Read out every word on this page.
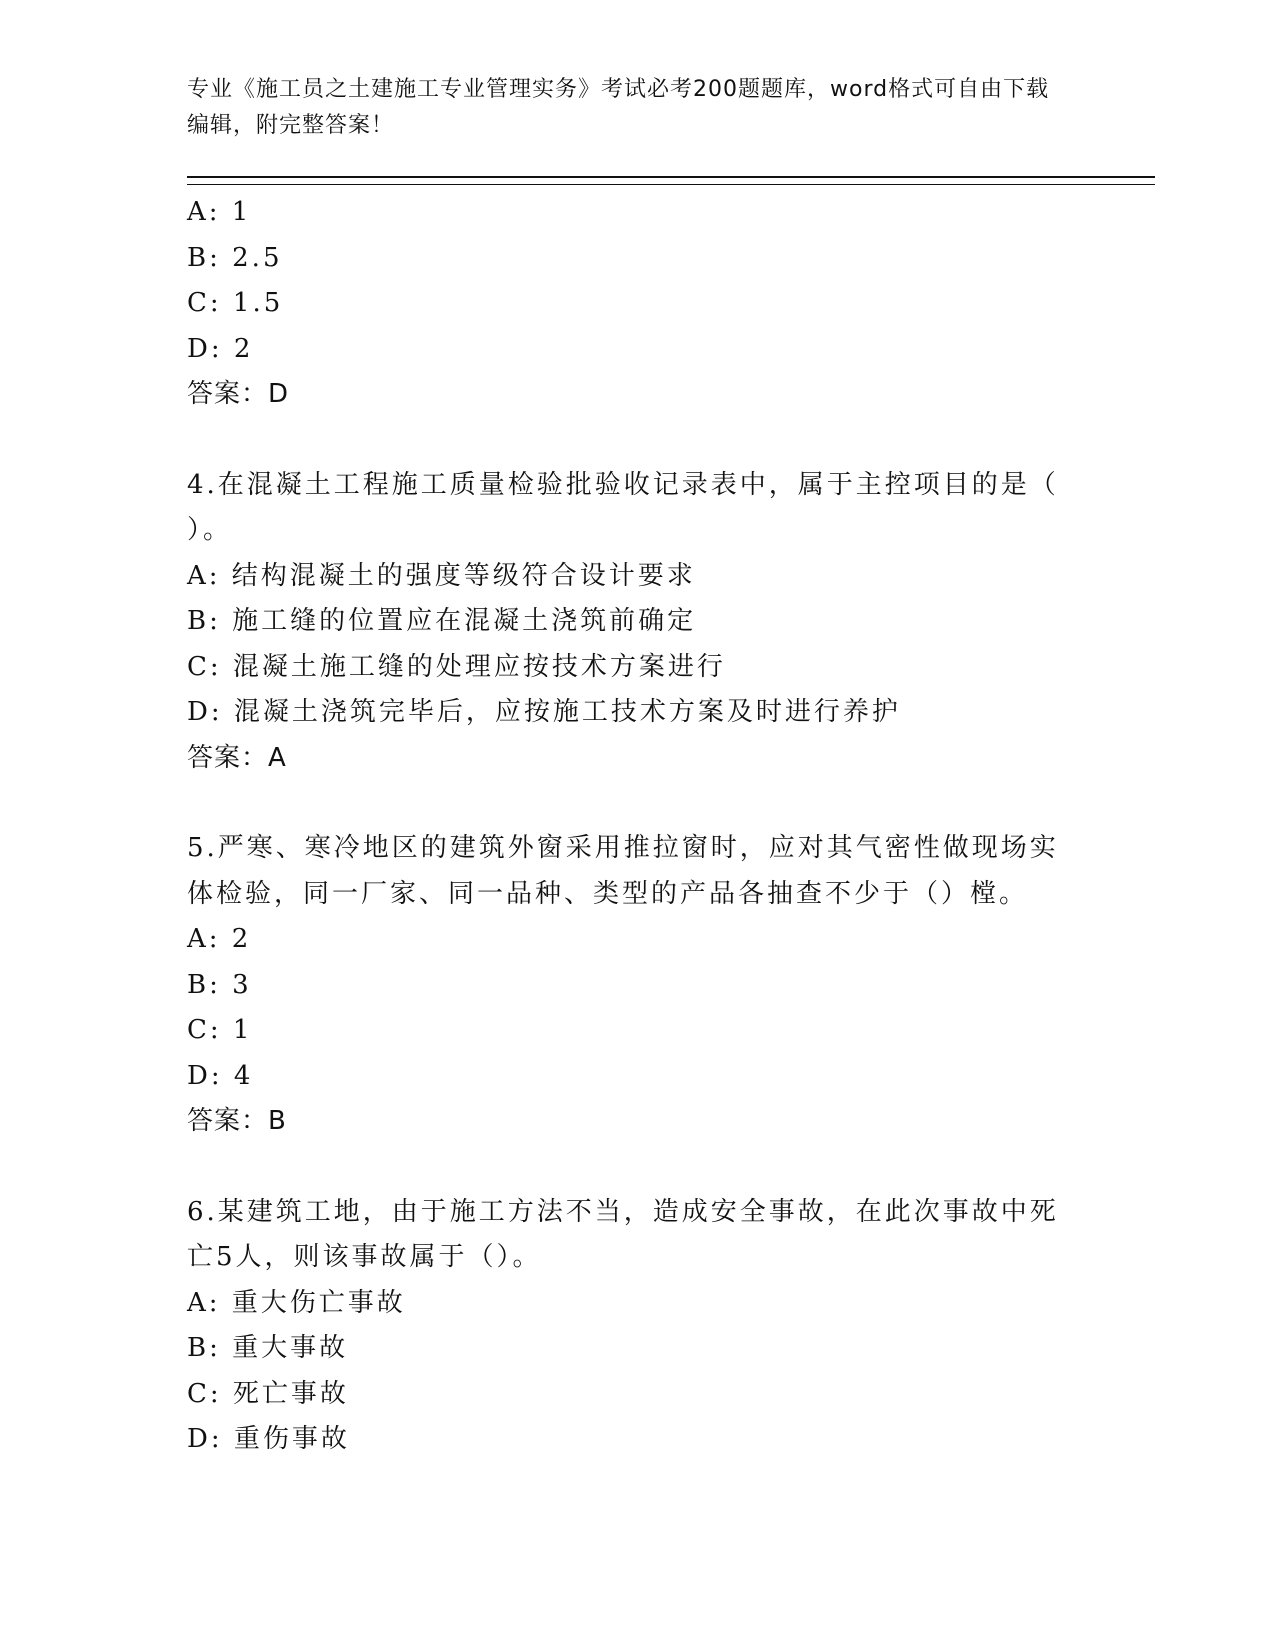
专业《施工员之土建施工专业管理实务》考试必考200题题库，word格式可自由下载编辑，附完整答案！
A: 1
B: 2.5
C: 1.5
D: 2
答案：D
4.在混凝土工程施工质量检验批验收记录表中，属于主控项目的是（ ）。
A: 结构混凝土的强度等级符合设计要求
B: 施工缝的位置应在混凝土浇筑前确定
C: 混凝土施工缝的处理应按技术方案进行
D: 混凝土浇筑完毕后，应按施工技术方案及时进行养护
答案：A
5.严寒、寒冷地区的建筑外窗采用推拉窗时，应对其气密性做现场实体检验，同一厂家、同一品种、类型的产品各抽查不少于（）樘。
A: 2
B: 3
C: 1
D: 4
答案：B
6.某建筑工地，由于施工方法不当，造成安全事故，在此次事故中死亡5人，则该事故属于（）。
A: 重大伤亡事故
B: 重大事故
C: 死亡事故
D: 重伤事故
